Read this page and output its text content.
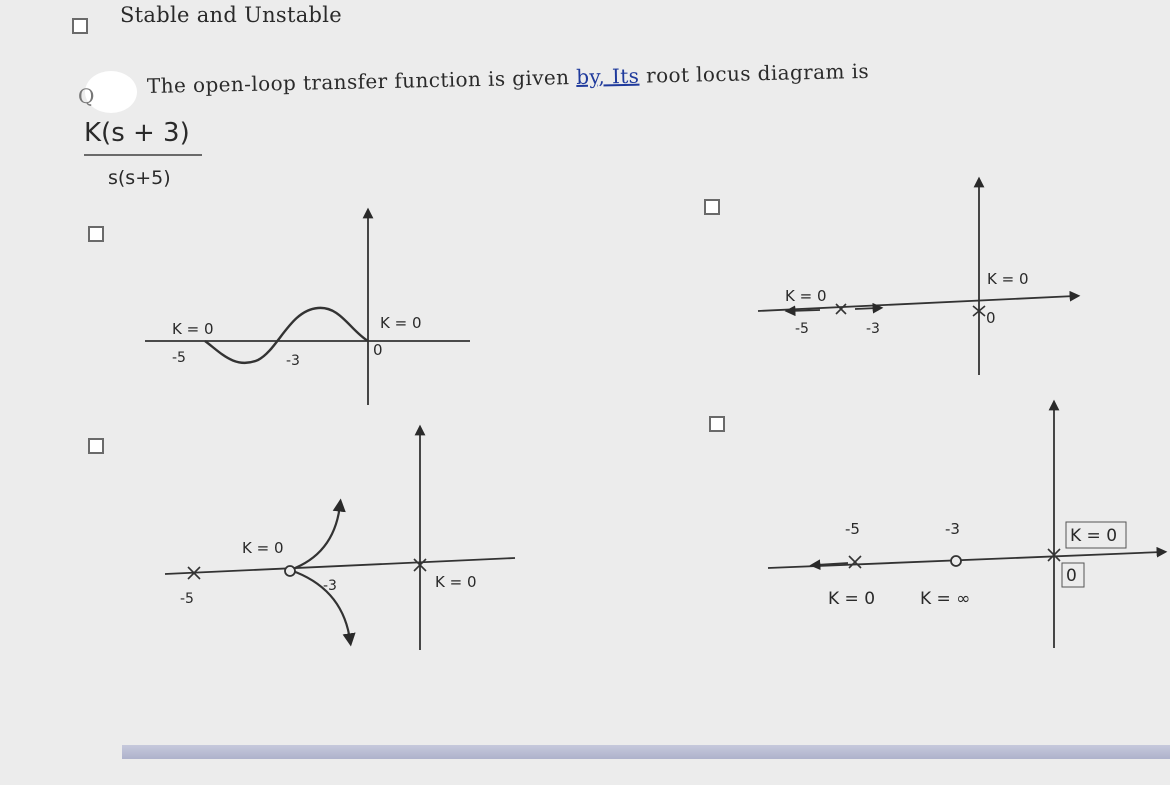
Stable and Unstable
Q	The open-loop transfer function is given by, Its root locus diagram is
K(s + 3)
s(s+5)
K = 0
-5	-3
K = 0
0
K = 0
-5	-3
K = 0
0
-5
K = 0
-3	K = 0
-5	-3
K = 0	K = ∞
K = 0
0
